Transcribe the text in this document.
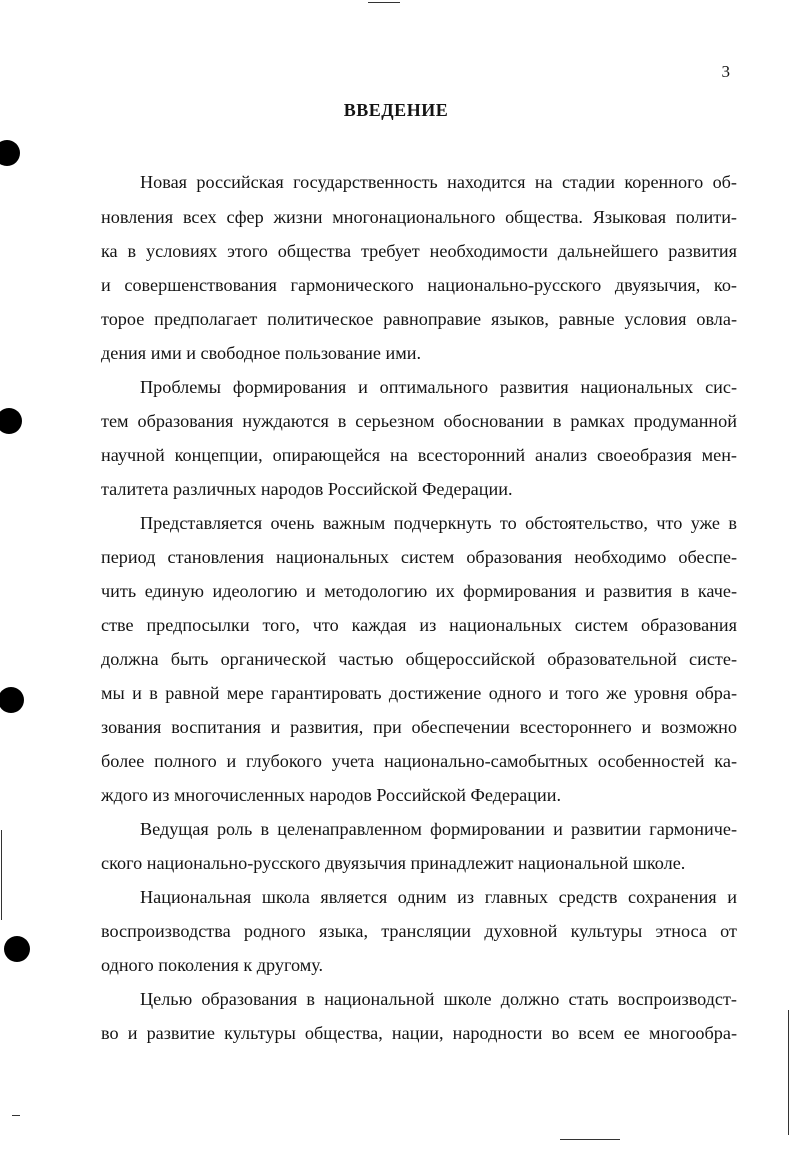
3
ВВЕДЕНИЕ
Новая российская государственность находится на стадии коренного об-
новления всех сфер жизни многонационального общества. Языковая полити-
ка в условиях этого общества требует необходимости дальнейшего развития
и совершенствования гармонического национально-русского двуязычия, ко-
торое предполагает политическое равноправие языков, равные условия овла-
дения ими и свободное пользование ими.
Проблемы формирования и оптимального развития национальных сис-
тем образования нуждаются в серьезном обосновании в рамках продуманной
научной концепции, опирающейся на всесторонний анализ своеобразия мен-
талитета различных народов Российской Федерации.
Представляется очень важным подчеркнуть то обстоятельство, что уже в
период становления национальных систем образования необходимо обеспе-
чить единую идеологию и методологию их формирования и развития в каче-
стве предпосылки того, что каждая из национальных систем образования
должна быть органической частью общероссийской образовательной систе-
мы и в равной мере гарантировать достижение одного и того же уровня обра-
зования воспитания и развития, при обеспечении всестороннего и возможно
более полного и глубокого учета национально-самобытных особенностей ка-
ждого из многочисленных народов Российской Федерации.
Ведущая роль в целенаправленном формировании и развитии гармониче-
ского национально-русского двуязычия принадлежит национальной школе.
Национальная школа является одним из главных средств сохранения и
воспроизводства родного языка, трансляции духовной культуры этноса от
одного поколения к другому.
Целью образования в национальной школе должно стать воспроизводст-
во и развитие культуры общества, нации, народности во всем ее многообра-
